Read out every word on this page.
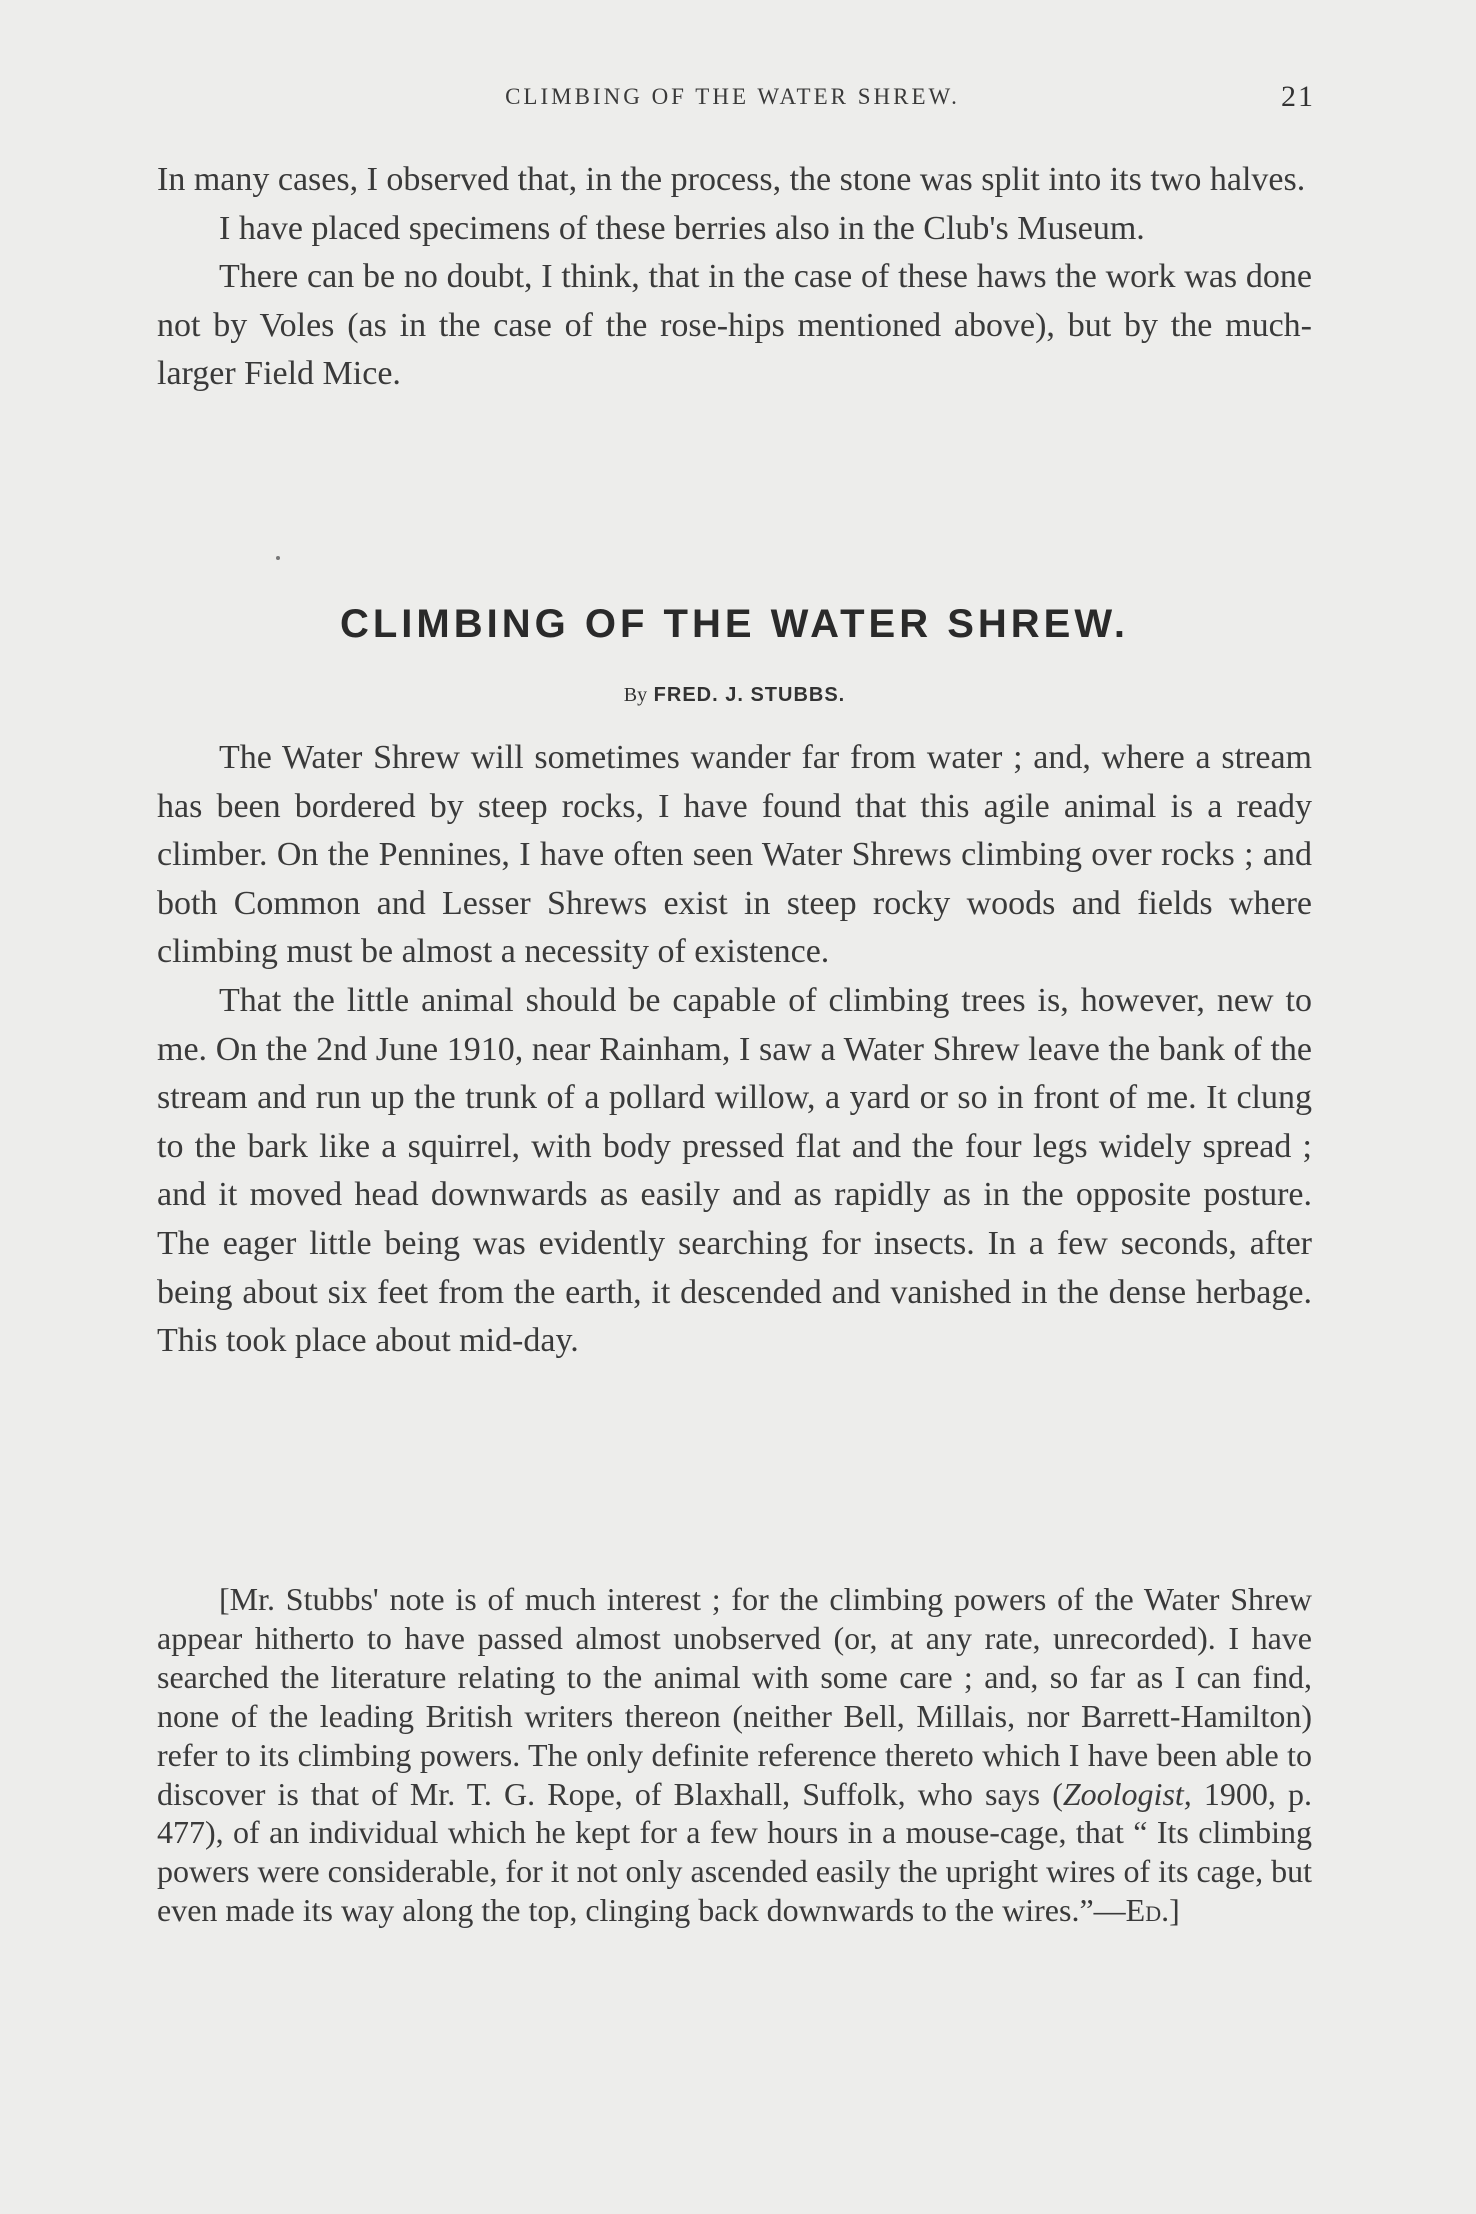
CLIMBING OF THE WATER SHREW.	21

In many cases, I observed that, in the process, the stone was split into its two halves.

I have placed specimens of these berries also in the Club's Museum.

There can be no doubt, I think, that in the case of these haws the work was done not by Voles (as in the case of the rose-hips mentioned above), but by the much-larger Field Mice.

CLIMBING OF THE WATER SHREW.
By FRED. J. STUBBS.

The Water Shrew will sometimes wander far from water ; and, where a stream has been bordered by steep rocks, I have found that this agile animal is a ready climber. On the Pennines, I have often seen Water Shrews climbing over rocks ; and both Common and Lesser Shrews exist in steep rocky woods and fields where climbing must be almost a necessity of existence.

That the little animal should be capable of climbing trees is, however, new to me. On the 2nd June 1910, near Rainham, I saw a Water Shrew leave the bank of the stream and run up the trunk of a pollard willow, a yard or so in front of me. It clung to the bark like a squirrel, with body pressed flat and the four legs widely spread ; and it moved head downwards as easily and as rapidly as in the opposite posture. The eager little being was evidently searching for insects. In a few seconds, after being about six feet from the earth, it descended and vanished in the dense herbage. This took place about mid-day.

[Mr. Stubbs' note is of much interest ; for the climbing powers of the Water Shrew appear hitherto to have passed almost unobserved (or, at any rate, unrecorded). I have searched the literature relating to the animal with some care ; and, so far as I can find, none of the leading British writers thereon (neither Bell, Millais, nor Barrett-Hamilton) refer to its climbing powers. The only definite reference thereto which I have been able to discover is that of Mr. T. G. Rope, of Blaxhall, Suffolk, who says (Zoologist, 1900, p. 477), of an individual which he kept for a few hours in a mouse-cage, that “ Its climbing powers were considerable, for it not only ascended easily the upright wires of its cage, but even made its way along the top, clinging back downwards to the wires.”—Ed.]
